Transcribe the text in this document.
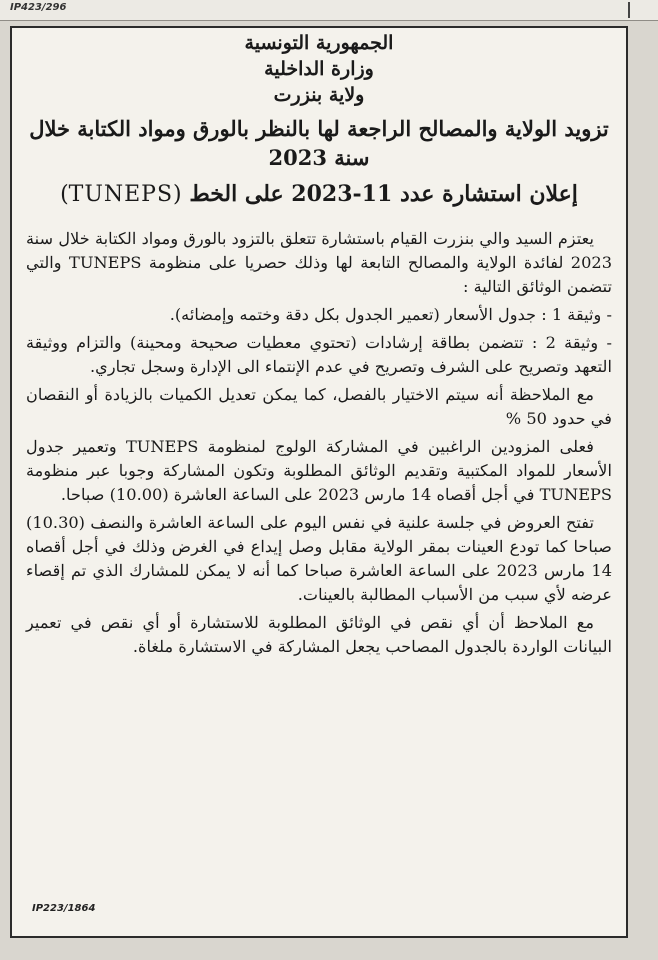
IP423/296
الجمهورية التونسية
وزارة الداخلية
ولاية بنزرت
تزويد الولاية والمصالح الراجعة لها بالنظر بالورق ومواد الكتابة خلال سنة 2023
إعلان استشارة عدد 11-2023 على الخط (TUNEPS)

يعتزم السيد والي بنزرت القيام باستشارة تتعلق بالتزود بالورق ومواد الكتابة خلال سنة 2023 لفائدة الولاية والمصالح التابعة لها وذلك حصريا على منظومة TUNEPS والتي تتضمن الوثائق التالية :

- وثيقة 1 : جدول الأسعار (تعمير الجدول بكل دقة وختمه وإمضائه).

- وثيقة 2 : تتضمن بطاقة إرشادات (تحتوي معطيات صحيحة ومحينة) والتزام ووثيقة التعهد وتصريح على الشرف وتصريح في عدم الإنتماء الى الإدارة وسجل تجاري.

مع الملاحظة أنه سيتم الاختيار بالفصل، كما يمكن تعديل الكميات بالزيادة أو النقصان في حدود 50 %

فعلى المزودين الراغبين في المشاركة الولوج لمنظومة TUNEPS وتعمير جدول الأسعار للمواد المكتبية وتقديم الوثائق المطلوبة وتكون المشاركة وجوبا عبر منظومة TUNEPS في أجل أقصاه 14 مارس 2023 على الساعة العاشرة (10.00) صباحا.

تفتح العروض في جلسة علنية في نفس اليوم على الساعة العاشرة والنصف (10.30) صباحا كما تودع العينات بمقر الولاية مقابل وصل إيداع في الغرض وذلك في أجل أقصاه 14 مارس 2023 على الساعة العاشرة صباحا كما أنه لا يمكن للمشارك الذي تم إقصاء عرضه لأي سبب من الأسباب المطالبة بالعينات.

مع الملاحظ أن أي نقص في الوثائق المطلوبة للاستشارة أو أي نقص في تعمير البيانات الواردة بالجدول المصاحب يجعل المشاركة في الاستشارة ملغاة.

IP223/1864
